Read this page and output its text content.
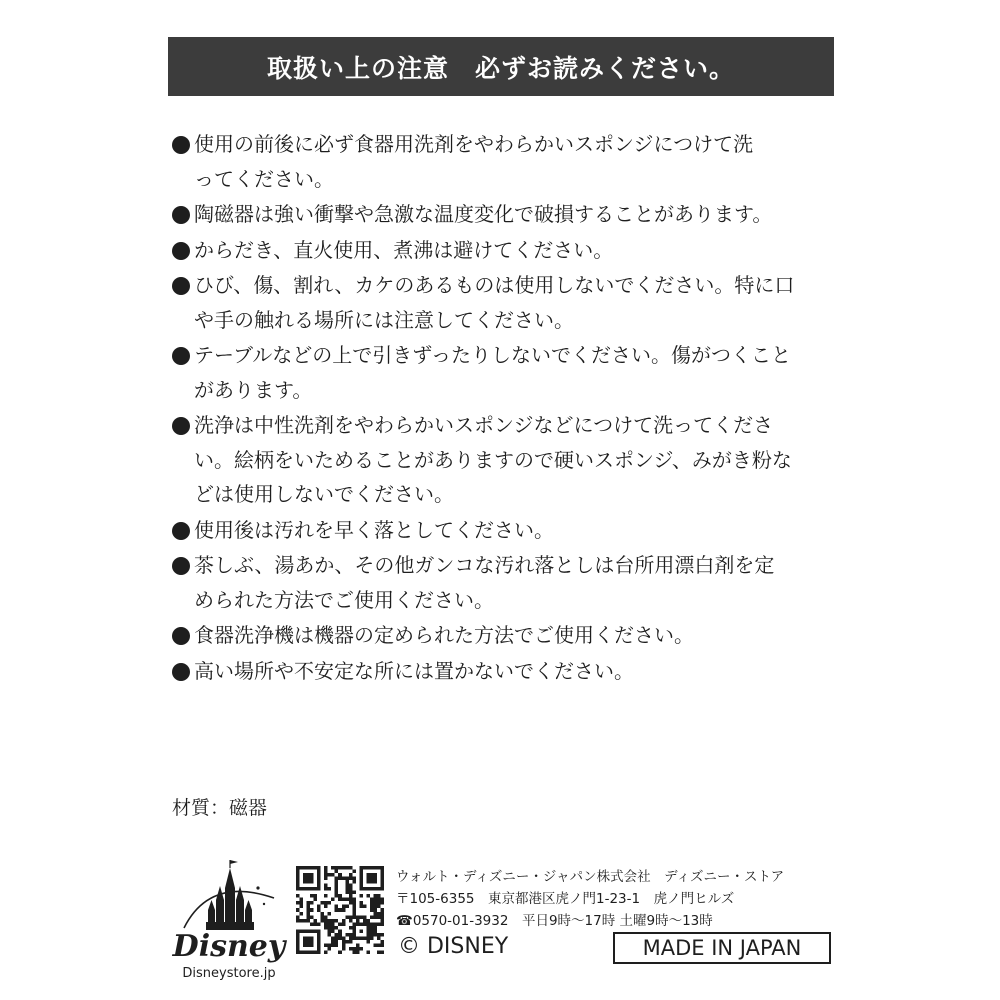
取扱い上の注意　必ずお読みください。
使用の前後に必ず食器用洗剤をやわらかいスポンジにつけて洗
ってください。
陶磁器は強い衝撃や急激な温度変化で破損することがあります。
からだき、直火使用、煮沸は避けてください。
ひび、傷、割れ、カケのあるものは使用しないでください。特に口
や手の触れる場所には注意してください。
テーブルなどの上で引きずったりしないでください。傷がつくこと
があります。
洗浄は中性洗剤をやわらかいスポンジなどにつけて洗ってくださ
い。絵柄をいためることがありますので硬いスポンジ、みがき粉な
どは使用しないでください。
使用後は汚れを早く落としてください。
茶しぶ、湯あか、その他ガンコな汚れ落としは台所用漂白剤を定
められた方法でご使用ください。
食器洗浄機は機器の定められた方法でご使用ください。
高い場所や不安定な所には置かないでください。
材質：磁器
Disney
Disneystore.jp
ウォルト・ディズニー・ジャパン株式会社　ディズニー・ストア
〒105-6355　東京都港区虎ノ門1-23-1　虎ノ門ヒルズ
☎0570-01-3932　平日9時～17時 土曜9時～13時
© DISNEY	MADE IN JAPAN
